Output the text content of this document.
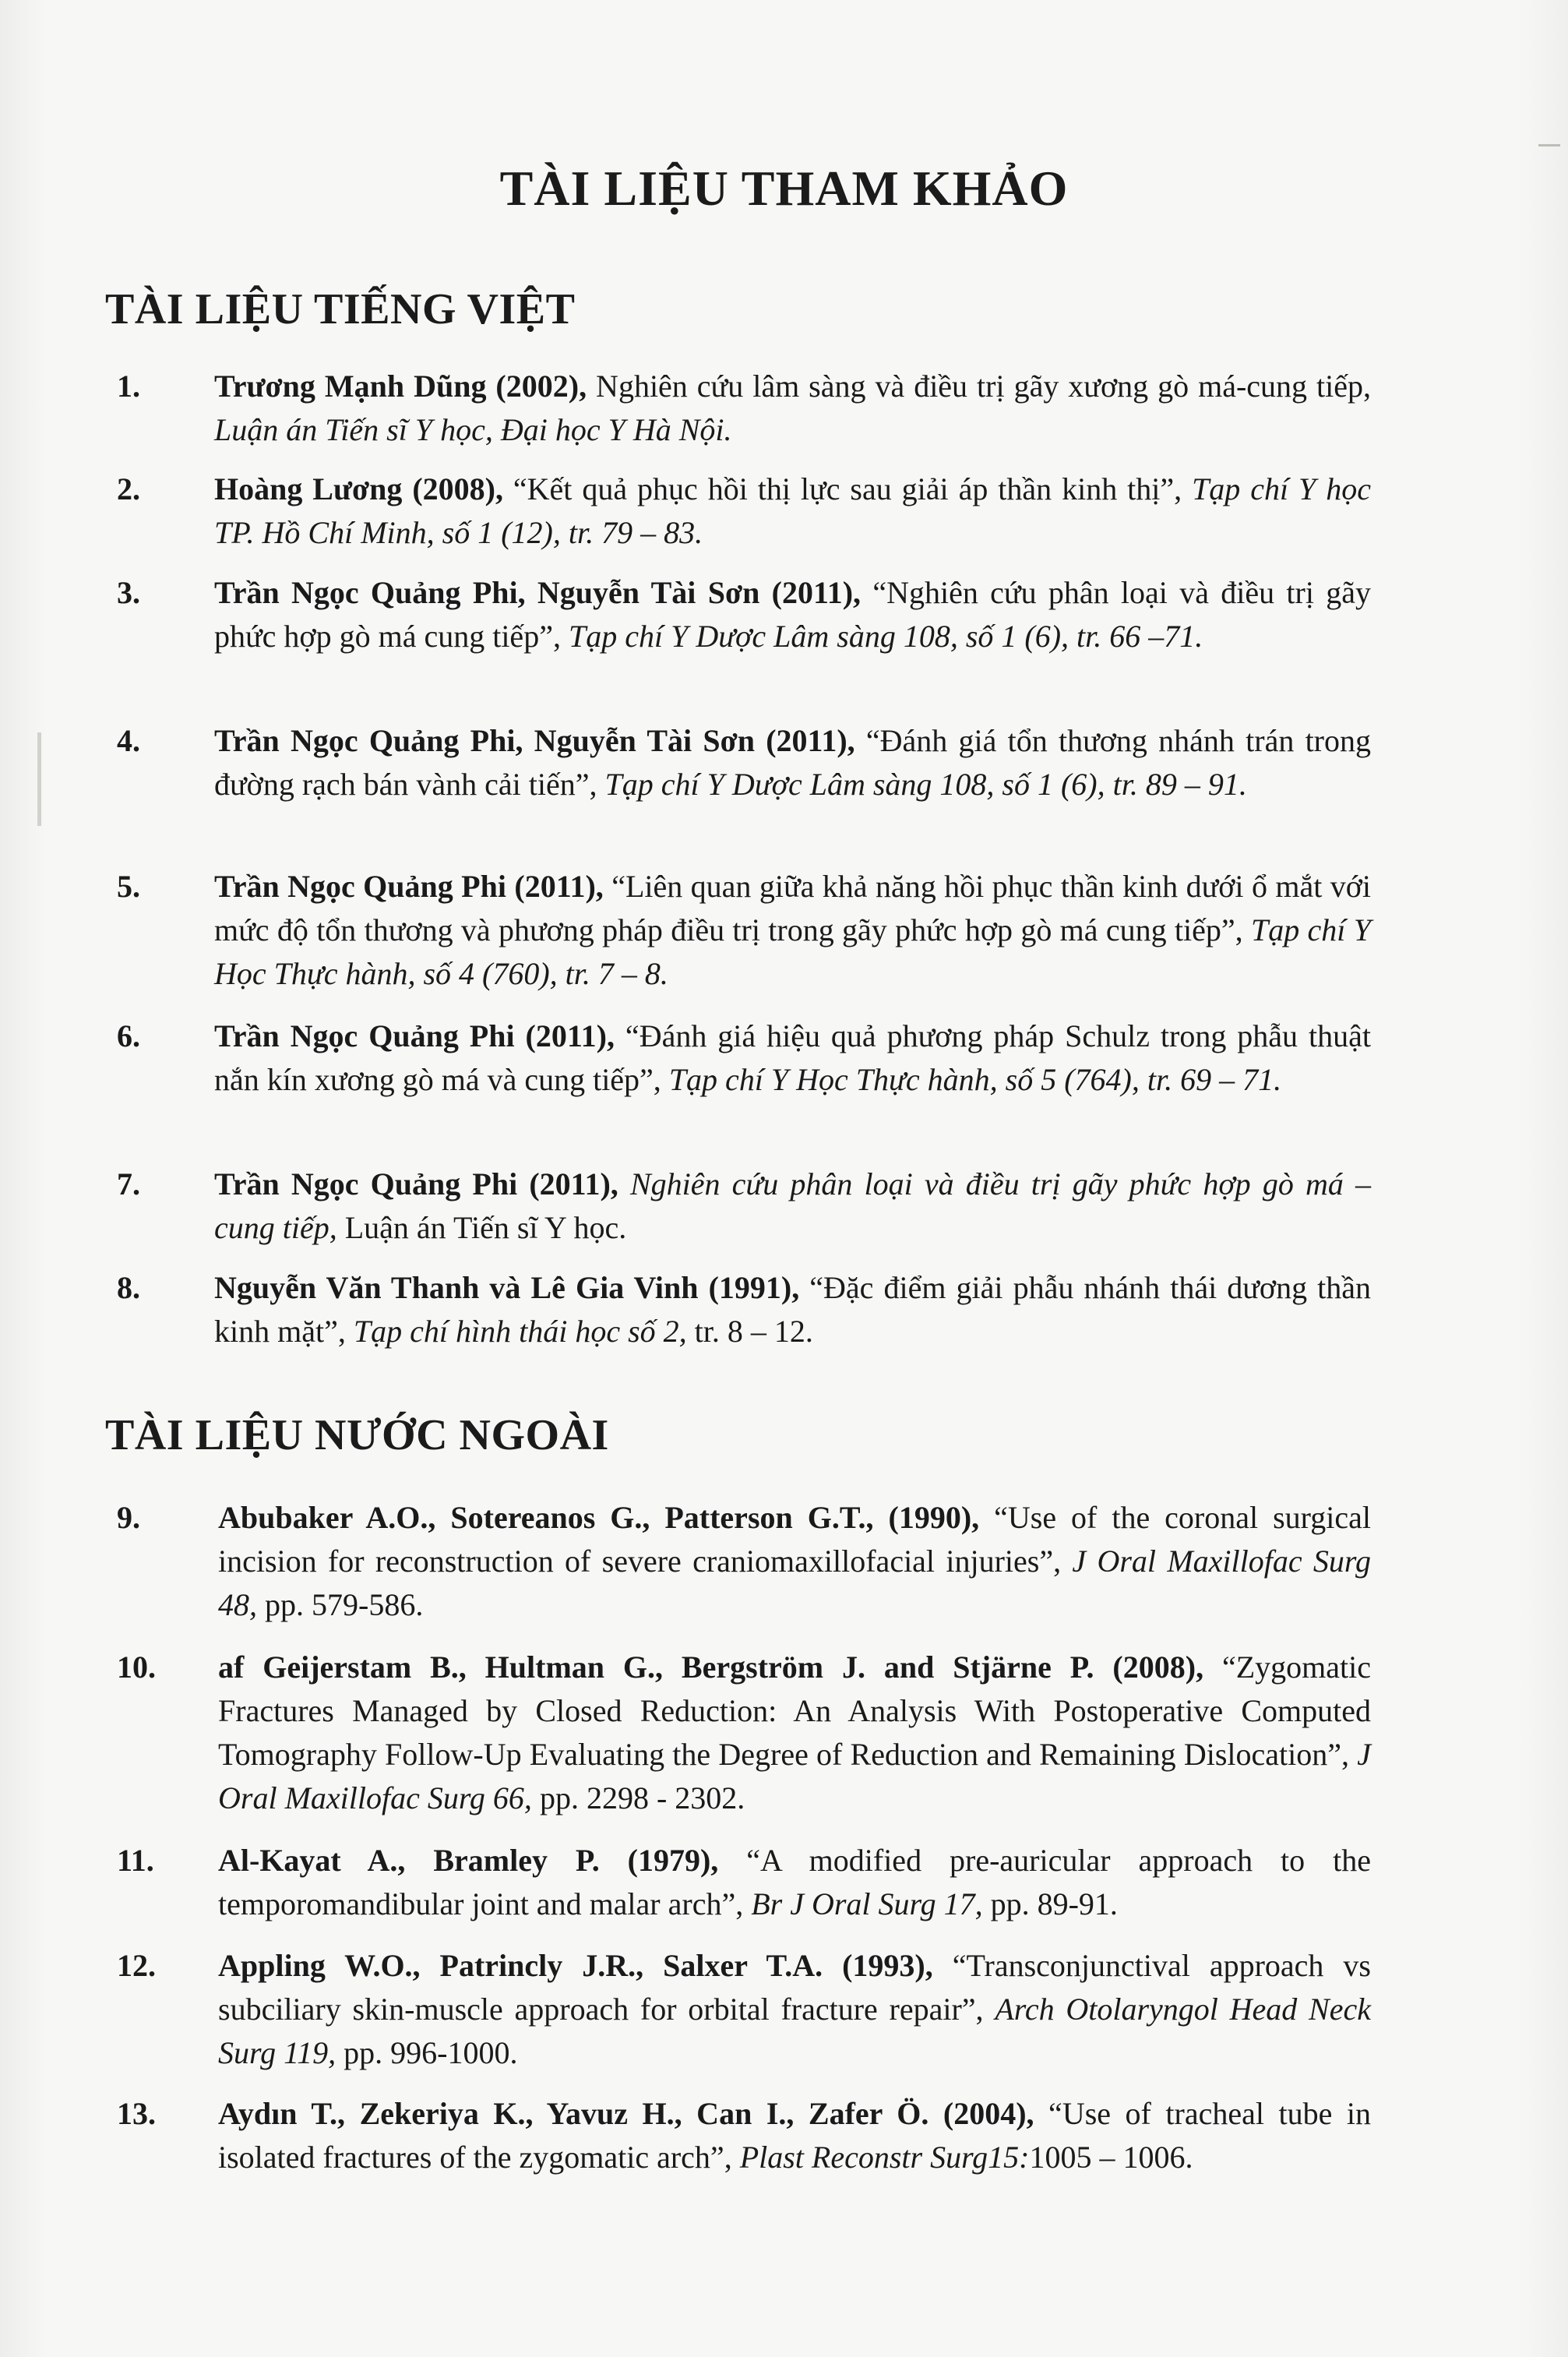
TÀI LIỆU THAM KHẢO
TÀI LIỆU TIẾNG VIỆT
1. Trương Mạnh Dũng (2002), Nghiên cứu lâm sàng và điều trị gãy xương gò má-cung tiếp, Luận án Tiến sĩ Y học, Đại học Y Hà Nội.
2. Hoàng Lương (2008), “Kết quả phục hồi thị lực sau giải áp thần kinh thị”, Tạp chí Y học TP. Hồ Chí Minh, số 1 (12), tr. 79 – 83.
3. Trần Ngọc Quảng Phi, Nguyễn Tài Sơn (2011), “Nghiên cứu phân loại và điều trị gãy phức hợp gò má cung tiếp”, Tạp chí Y Dược Lâm sàng 108, số 1 (6), tr. 66 –71.
4. Trần Ngọc Quảng Phi, Nguyễn Tài Sơn (2011), “Đánh giá tổn thương nhánh trán trong đường rạch bán vành cải tiến”, Tạp chí Y Dược Lâm sàng 108, số 1 (6), tr. 89 – 91.
5. Trần Ngọc Quảng Phi (2011), “Liên quan giữa khả năng hồi phục thần kinh dưới ổ mắt với mức độ tổn thương và phương pháp điều trị trong gãy phức hợp gò má cung tiếp”, Tạp chí Y Học Thực hành, số 4 (760), tr. 7 – 8.
6. Trần Ngọc Quảng Phi (2011), “Đánh giá hiệu quả phương pháp Schulz trong phẫu thuật nắn kín xương gò má và cung tiếp”, Tạp chí Y Học Thực hành, số 5 (764), tr. 69 – 71.
7. Trần Ngọc Quảng Phi (2011), Nghiên cứu phân loại và điều trị gãy phức hợp gò má – cung tiếp, Luận án Tiến sĩ Y học.
8. Nguyễn Văn Thanh và Lê Gia Vinh (1991), “Đặc điểm giải phẫu nhánh thái dương thần kinh mặt”, Tạp chí hình thái học số 2, tr. 8 – 12.
TÀI LIỆU NƯỚC NGOÀI
9.	Abubaker A.O., Sotereanos G., Patterson G.T., (1990), “Use of the coronal surgical incision for reconstruction of severe craniomaxillofacial injuries”, J Oral Maxillofac Surg 48, pp. 579-586.
10. af Geijerstam B., Hultman G., Bergström J. and Stjärne P. (2008), “Zygomatic Fractures Managed by Closed Reduction: An Analysis With Postoperative Computed Tomography Follow-Up Evaluating the Degree of Reduction and Remaining Dislocation”, J Oral Maxillofac Surg 66, pp. 2298 - 2302.
11. Al-Kayat A., Bramley P. (1979), “A modified pre-auricular approach to the temporomandibular joint and malar arch”, Br J Oral Surg 17, pp. 89-91.
12. Appling W.O., Patrincly J.R., Salxer T.A. (1993), “Transconjunctival approach vs subciliary skin-muscle approach for orbital fracture repair”, Arch Otolaryngol Head Neck Surg 119, pp. 996-1000.
13. Aydın T., Zekeriya K., Yavuz H., Can I., Zafer Ö. (2004), “Use of tracheal tube in isolated fractures of the zygomatic arch”, Plast Reconstr Surg15:1005 – 1006.
